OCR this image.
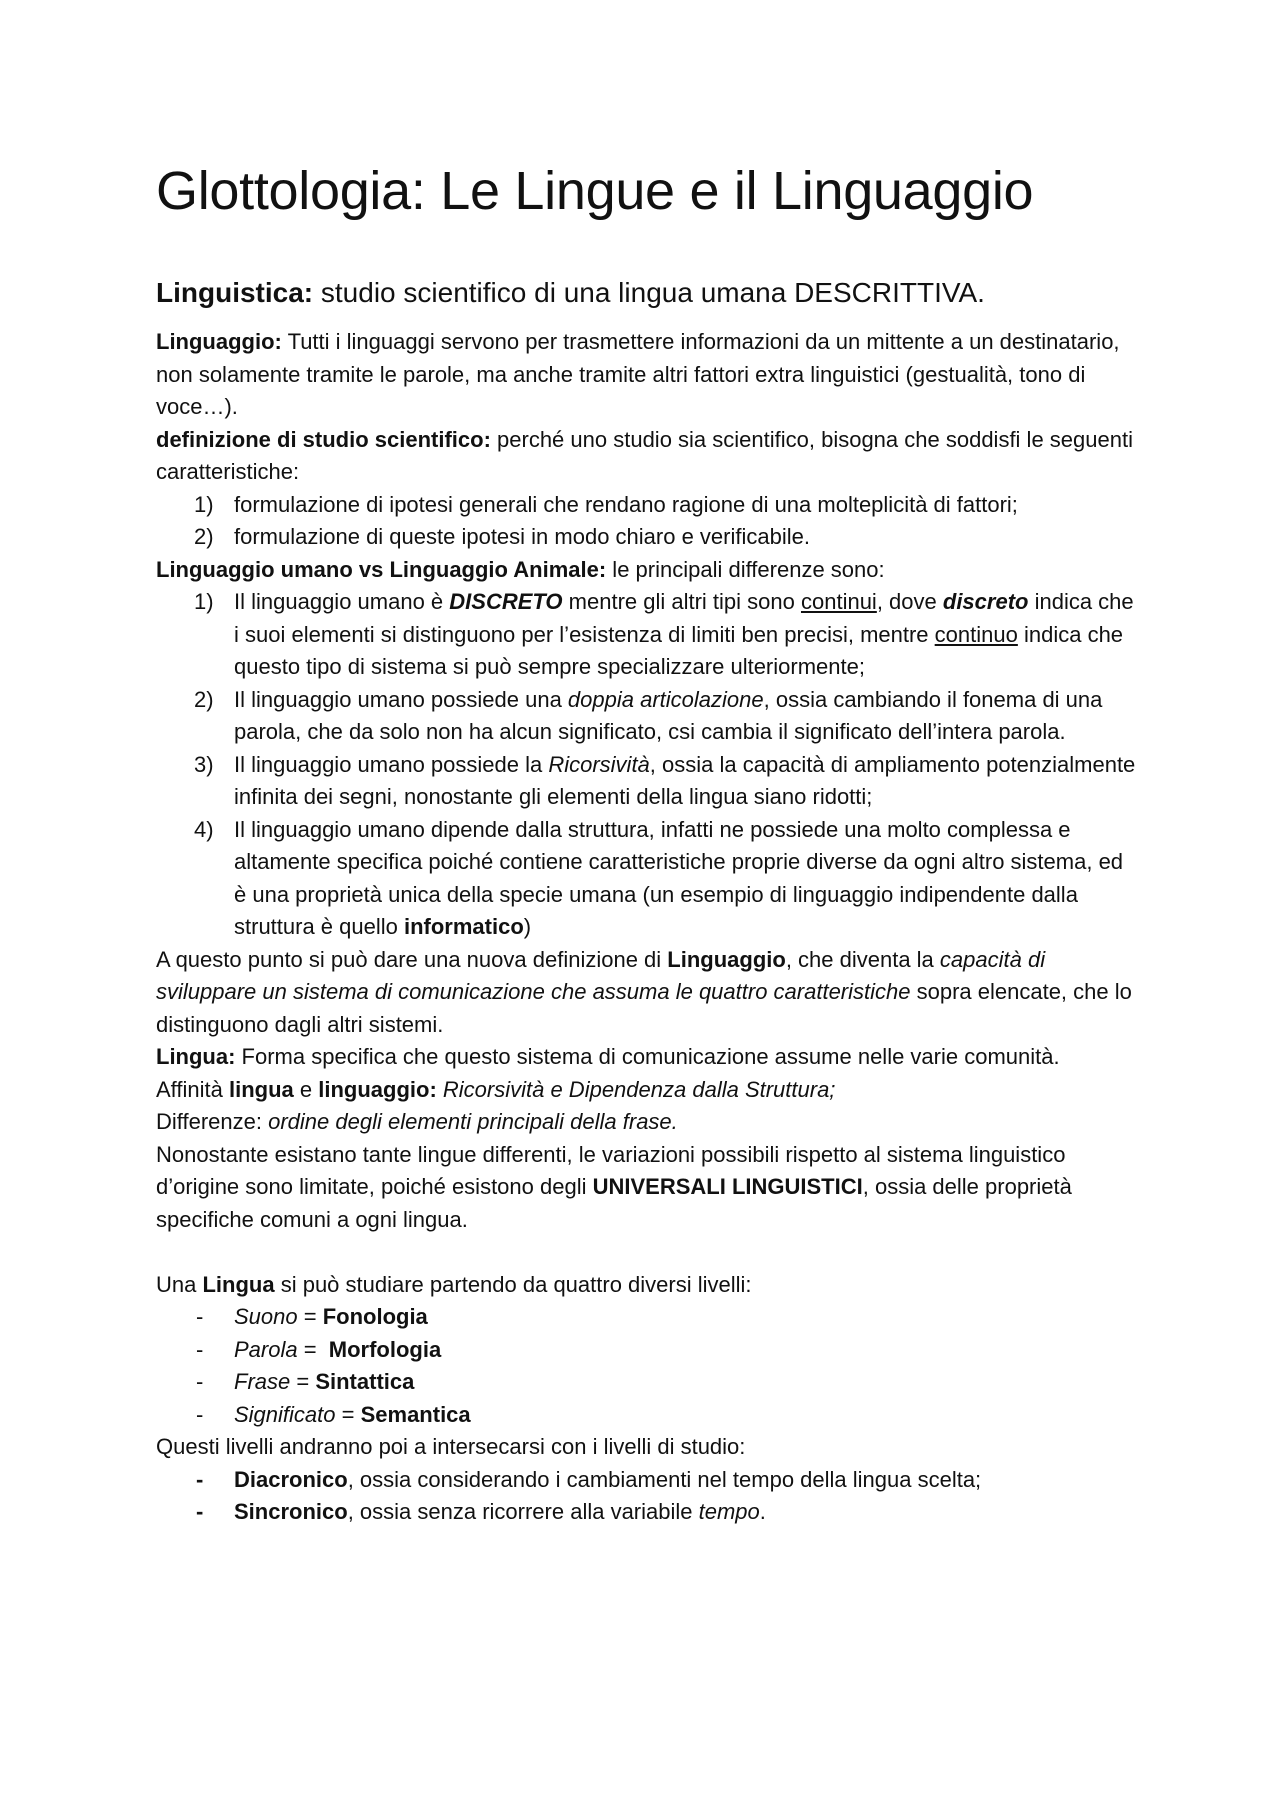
Glottologia: Le Lingue e il Linguaggio
Linguistica: studio scientifico di una lingua umana DESCRITTIVA.

Linguaggio: Tutti i linguaggi servono per trasmettere informazioni da un mittente a un destinatario, non solamente tramite le parole, ma anche tramite altri fattori extra linguistici (gestualità, tono di voce…).

definizione di studio scientifico: perché uno studio sia scientifico, bisogna che soddisfi le seguenti caratteristiche:

1) formulazione di ipotesi generali che rendano ragione di una molteplicità di fattori;
2) formulazione di queste ipotesi in modo chiaro e verificabile.

Linguaggio umano vs Linguaggio Animale: le principali differenze sono:

1) Il linguaggio umano è DISCRETO mentre gli altri tipi sono continui, dove discreto indica che i suoi elementi si distinguono per l’esistenza di limiti ben precisi, mentre continuo indica che questo tipo di sistema si può sempre specializzare ulteriormente;
2) Il linguaggio umano possiede una doppia articolazione, ossia cambiando il fonema di una parola, che da solo non ha alcun significato, csi cambia il significato dell’intera parola.
3) Il linguaggio umano possiede la Ricorsività, ossia la capacità di ampliamento potenzialmente infinita dei segni, nonostante gli elementi della lingua siano ridotti;
4) Il linguaggio umano dipende dalla struttura, infatti ne possiede una molto complessa e altamente specifica poiché contiene caratteristiche proprie diverse da ogni altro sistema, ed è una proprietà unica della specie umana (un esempio di linguaggio indipendente dalla struttura è quello informatico)

A questo punto si può dare una nuova definizione di Linguaggio, che diventa la capacità di sviluppare un sistema di comunicazione che assuma le quattro caratteristiche sopra elencate, che lo distinguono dagli altri sistemi.

Lingua: Forma specifica che questo sistema di comunicazione assume nelle varie comunità.

Affinità lingua e linguaggio: Ricorsività e Dipendenza dalla Struttura;

Differenze: ordine degli elementi principali della frase.

Nonostante esistano tante lingue differenti, le variazioni possibili rispetto al sistema linguistico d’origine sono limitate, poiché esistono degli UNIVERSALI LINGUISTICI, ossia delle proprietà specifiche comuni a ogni lingua.

Una Lingua si può studiare partendo da quattro diversi livelli:

- Suono = Fonologia
- Parola =  Morfologia
- Frase = Sintattica
- Significato = Semantica

Questi livelli andranno poi a intersecarsi con i livelli di studio:

- Diacronico, ossia considerando i cambiamenti nel tempo della lingua scelta;
- Sincronico, ossia senza ricorrere alla variabile tempo.
